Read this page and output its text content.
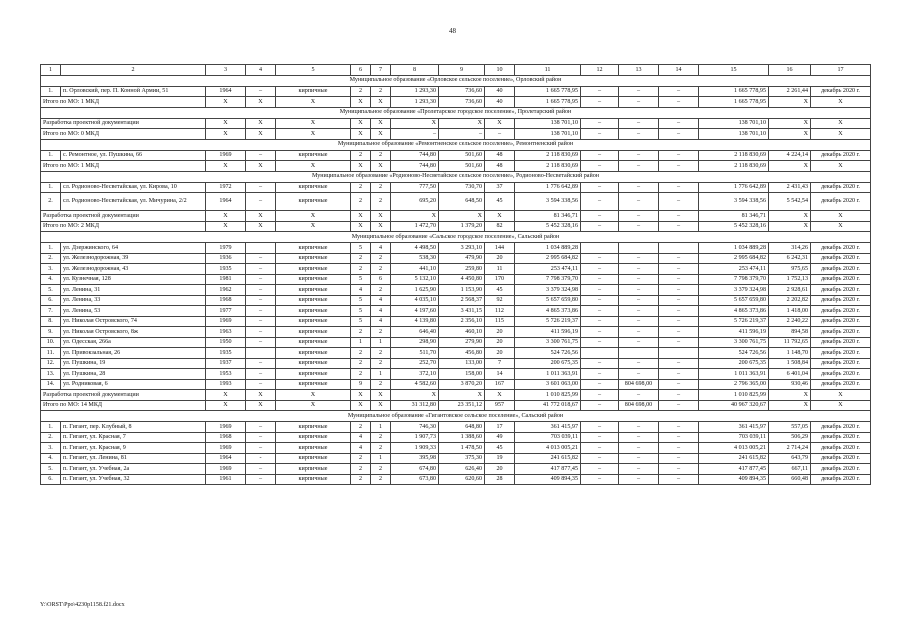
48
1	2	3	4	5	6	7	8	9	10	11	12	13	14	15	16	17
Муниципальное образование «Орловское сельское поселение», Орловский район																
1.	п. Орловский, пер. П. Конной Армии, 51	1964	–	кирпичные	2	2	1 293,30	736,60	40	1 665 778,95	–	–	–	1 665 778,95	2 261,44	декабрь 2020 г.
Итого по МО: 1 МКД		X	X	X	X	X	1 293,30	736,60	40	1 665 778,95	–	–	–	1 665 778,95	X	X
Муниципальное образование «Пролетарское городское поселение», Пролетарский район																
Разработка проектной документации		X	X	X	X	X	X	X	X	138 701,10	–	–	–	138 701,10	X	X
Итого по МО: 0 МКД		X	X	X	X	X	–	–	–	138 701,10	–	–	–	138 701,10	X	X
Муниципальное образование «Ремонтненское сельское поселение», Ремонтненский район																
1.	с. Ремонтное, ул. Пушкина, 66	1969	–	кирпичные	2	2	744,80	501,60	48	2 118 830,69	–	–	–	2 118 830,69	4 224,14	декабрь 2020 г.
Итого по МО: 1 МКД		X	X	X	X	X	744,80	501,60	48	2 118 830,69	–	–	–	2 118 830,69	X	X
Муниципальное образование «Родионово-Несветайское сельское поселение», Родионово-Несветайский район																
1.	сл. Родионово-Несветайская, ул. Кирова, 10	1972	–	кирпичные	2	2	777,50	730,70	37	1 776 642,89	–	–	–	1 776 642,89	2 431,43	декабрь 2020 г.
2.	сл. Родионово-Несветайская, ул. Мичурина, 2/2	1964	–	кирпичные	2	2	695,20	648,50	45	3 594 338,56	–	–	–	3 594 338,56	5 542,54	декабрь 2020 г.
Разработка проектной документации		X	X	X	X	X	X	X	X	81 346,71	–	–	–	81 346,71	X	X
Итого по МО: 2 МКД		X	X	X	X	X	1 472,70	1 379,20	82	5 452 328,16	–	–	–	5 452 328,16	X	X
Муниципальное образование «Сальское городское поселение», Сальский район																
1.	ул. Дзержинского, 64	1979		кирпичные	5	4	4 498,50	3 293,10	144	1 034 889,28				1 034 889,28	314,26	декабрь 2020 г.
2.	ул. Железнодорожная, 39	1936	–	кирпичные	2	2	538,30	479,90	20	2 995 684,82	–	–	–	2 995 684,82	6 242,31	декабрь 2020 г.
3.	ул. Железнодорожная, 43	1935	–	кирпичные	2	2	441,10	259,80	11	253 474,11	–	–	–	253 474,11	975,65	декабрь 2020 г.
4.	ул. Кузнечная, 128	1981	–	кирпичные	5	6	5 132,10	4 450,80	170	7 798 379,70	–	–	–	7 798 379,70	1 752,13	декабрь 2020 г.
5.	ул. Ленина, 31	1962	–	кирпичные	4	2	1 625,90	1 153,90	45	3 379 324,98	–	–	–	3 379 324,98	2 928,61	декабрь 2020 г.
6.	ул. Ленина, 33	1968	–	кирпичные	5	4	4 035,10	2 568,37	92	5 657 659,80	–	–	–	5 657 659,80	2 202,82	декабрь 2020 г.
7.	ул. Ленина, 53	1977	–	кирпичные	5	4	4 197,60	3 431,15	112	4 865 373,86	–	–	–	4 865 373,86	1 418,00	декабрь 2020 г.
8.	ул. Николая Островского, 74	1969	–	кирпичные	5	4	4 139,80	2 356,10	115	5 726 219,37	–	–	–	5 726 219,37	2 240,22	декабрь 2020 г.
9.	ул. Николая Островского, 8ж	1963	–	кирпичные	2	2	646,40	460,10	20	411 596,19	–	–	–	411 596,19	894,58	декабрь 2020 г.
10.	ул. Одесская, 266а	1950	–	кирпичные	1	1	298,90	279,90	20	3 300 761,75	–	–	–	3 300 761,75	11 792,65	декабрь 2020 г.
11.	ул. Привокзальная, 26	1935		кирпичные	2	2	511,70	456,80	20	524 726,56				524 726,56	1 148,70	декабрь 2020 г.
12.	ул. Пушкина, 19	1937	–	кирпичные	2	2	252,70	133,00	7	200 675,35	–	–	–	200 675,35	1 508,84	декабрь 2020 г.
13.	ул. Пушкина, 28	1953	–	кирпичные	2	1	372,10	158,00	14	1 011 363,91	–	–	–	1 011 363,91	6 401,04	декабрь 2020 г.
14.	ул. Родниковая, 6	1993	–	кирпичные	9	2	4 582,60	3 870,20	167	3 601 063,00	–	804 698,00	–	2 796 365,00	930,46	декабрь 2020 г.
Разработка проектной документации		X	X	X	X	X	X	X	X	1 010 825,99	–	–	–	1 010 825,99	X	X
Итого по МО: 14 МКД		X	X	X	X	X	31 312,80	23 351,12	957	41 772 018,67	–	804 698,00	–	40 967 320,67	X	X
Муниципальное образование «Гигантовское сельское поселение», Сальский район																
1.	п. Гигант, пер. Клубный, 8	1969	–	кирпичные	2	1	746,30	648,80	17	361 415,97	–	–	–	361 415,97	557,05	декабрь 2020 г.
2.	п. Гигант, ул. Красная, 7	1968	–	кирпичные	4	2	1 907,73	1 388,60	49	703 039,11	–	–	–	703 039,11	506,29	декабрь 2020 г.
3.	п. Гигант, ул. Красная, 9	1969	–	кирпичные	4	2	1 909,33	1 478,50	45	4 013 005,21	–	–	–	4 013 005,21	2 714,24	декабрь 2020 г.
4.	п. Гигант, ул. Ленина, 81	1964	-	кирпичные	2	1	395,98	375,30	19	241 615,82	–	–	–	241 615,82	643,79	декабрь 2020 г.
5.	п. Гигант, ул. Учебная, 2а	1969	–	кирпичные	2	2	674,80	626,40	20	417 877,45	–	–	–	417 877,45	667,11	декабрь 2020 г.
6.	п. Гигант, ул. Учебная, 32	1961	–	кирпичные	2	2	673,80	620,60	28	409 894,35	–	–	–	409 894,35	660,48	декабрь 2020 г.
Y:\ORST\Ppo\4230p1158.f21.docx
